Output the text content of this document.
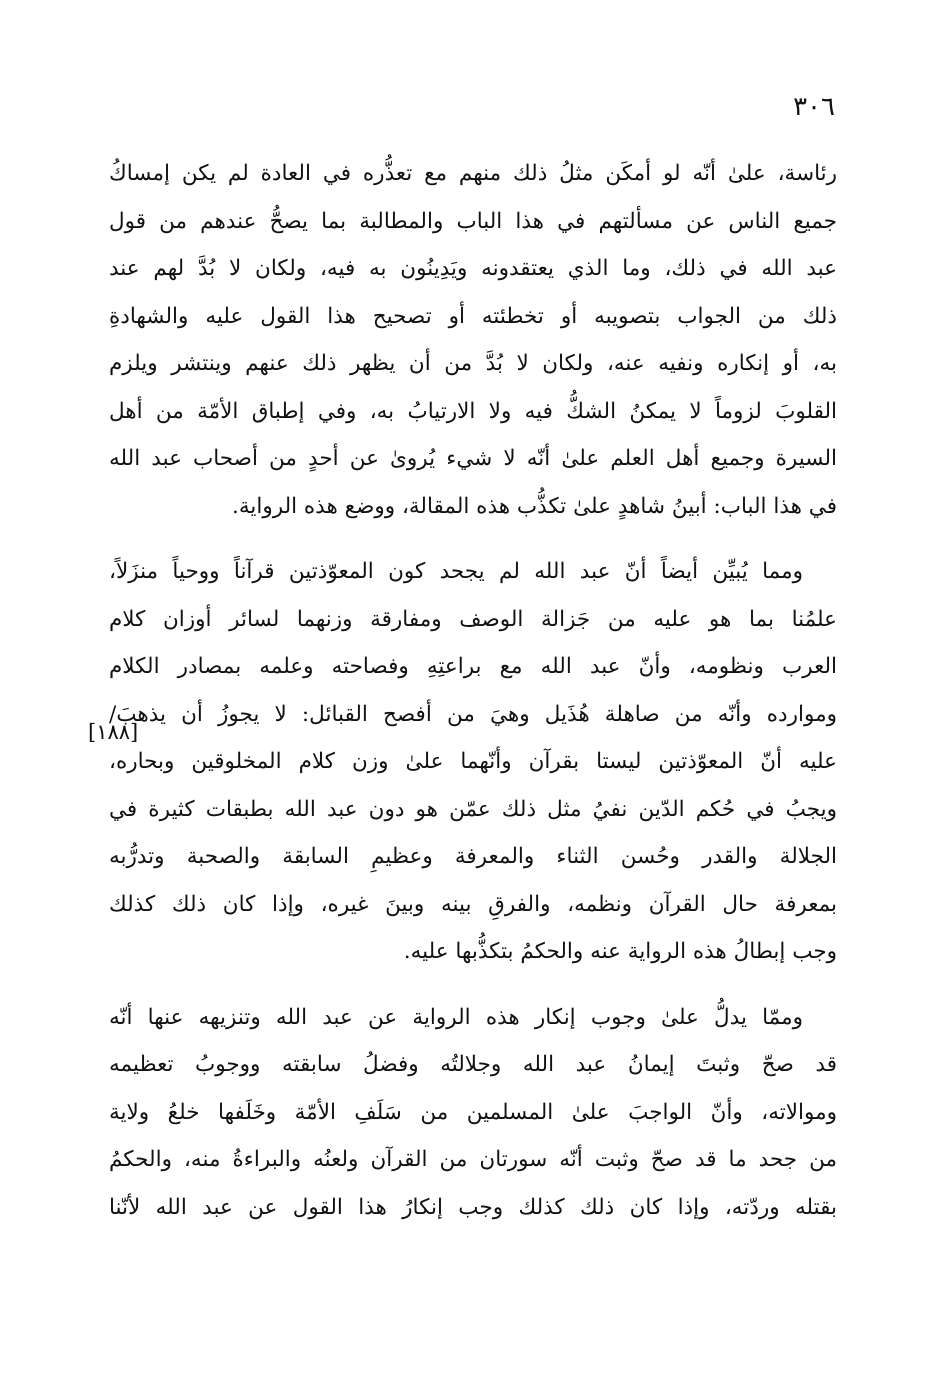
٣٠٦
[١٨٨]
رئاسة، علىٰ أنّه لو أمكَن مثلُ ذلك منهم مع تعذُّره في العادة لم يكن إمساكُ
جميع الناس عن مسألتهم في هذا الباب والمطالبة بما يصحُّ عندهم من قول
عبد الله في ذلك، وما الذي يعتقدونه ويَدِينُون به فيه، ولكان لا بُدَّ لهم عند
ذلك من الجواب بتصويبه أو تخطئته أو تصحيح هذا القول عليه والشهادةِ
به، أو إنكاره ونفيه عنه، ولكان لا بُدَّ من أن يظهر ذلك عنهم وينتشر ويلزم
القلوبَ لزوماً لا يمكنُ الشكُّ فيه ولا الارتيابُ به، وفي إطباق الأمّة من أهل
السيرة وجميع أهل العلم علىٰ أنّه لا شيء يُروىٰ عن أحدٍ من أصحاب عبد الله
في هذا الباب: أبينُ شاهدٍ علىٰ تكذُّب هذه المقالة، ووضع هذه الرواية.
ومما يُبيِّن أيضاً أنّ عبد الله لم يجحد كون المعوّذتين قرآناً ووحياً منزَلاً،
علمُنا بما هو عليه من جَزالة الوصف ومفارقة وزنهما لسائر أوزان كلام
العرب ونظومه، وأنّ عبد الله مع براعتِهِ وفصاحته وعلمه بمصادر الكلام
وموارده وأنّه من صاهلة هُذَيل وهيَ من أفصح القبائل: لا يجوزُ أن يذهبَ/
عليه أنّ المعوّذتين ليستا بقرآن وأنّهما علىٰ وزن كلام المخلوقين وبحاره،
ويجبُ في حُكم الدّين نفيُ مثل ذلك عمّن هو دون عبد الله بطبقات كثيرة في
الجلالة والقدر وحُسن الثناء والمعرفة وعظيمِ السابقة والصحبة وتدرُّبه
بمعرفة حال القرآن ونظمه، والفرقِ بينه وبينَ غيره، وإذا كان ذلك كذلك
وجب إبطالُ هذه الرواية عنه والحكمُ بتكذُّبها عليه.
وممّا يدلُّ علىٰ وجوب إنكار هذه الرواية عن عبد الله وتنزيهه عنها أنّه
قد صحّ وثبتَ إيمانُ عبد الله وجلالتُه وفضلُ سابقته ووجوبُ تعظيمه
وموالاته، وأنّ الواجبَ علىٰ المسلمين من سَلَفِ الأمّة وخَلَفها خلعُ ولاية
من جحد ما قد صحّ وثبت أنّه سورتان من القرآن ولعنُه والبراءةُ منه، والحكمُ
بقتله وردّته، وإذا كان ذلك كذلك وجب إنكارُ هذا القول عن عبد الله لأنّنا
